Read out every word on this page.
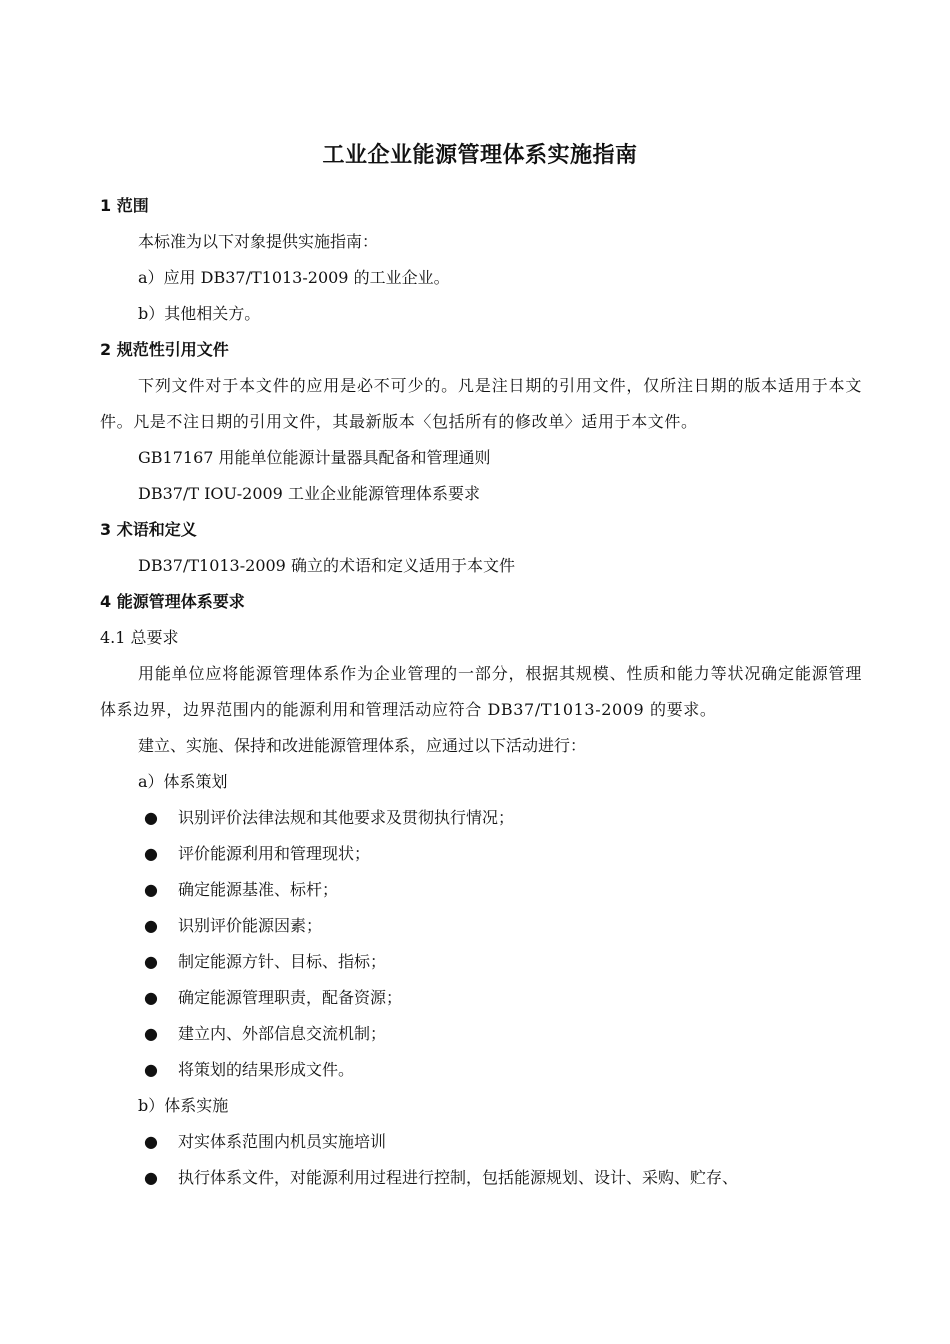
工业企业能源管理体系实施指南
1 范围
本标准为以下对象提供实施指南：
a）应用 DB37/T1013-2009 的工业企业。
b）其他相关方。
2 规范性引用文件
下列文件对于本文件的应用是必不可少的。凡是注日期的引用文件，仅所注日期的版本适用于本文件。凡是不注日期的引用文件，其最新版本〈包括所有的修改单〉适用于本文件。
GB17167 用能单位能源计量器具配备和管理通则
DB37/T IOU-2009 工业企业能源管理体系要求
3 术语和定义
DB37/T1013-2009 确立的术语和定义适用于本文件
4 能源管理体系要求
4.1 总要求
用能单位应将能源管理体系作为企业管理的一部分，根据其规模、性质和能力等状况确定能源管理体系边界，边界范围内的能源利用和管理活动应符合 DB37/T1013-2009 的要求。
建立、实施、保持和改进能源管理体系，应通过以下活动进行：
a）体系策划
● 识别评价法律法规和其他要求及贯彻执行情况；
● 评价能源利用和管理现状；
● 确定能源基准、标杆；
● 识别评价能源因素；
● 制定能源方针、目标、指标；
● 确定能源管理职责，配备资源；
● 建立内、外部信息交流机制；
● 将策划的结果形成文件。
b）体系实施
● 对实体系范围内机员实施培训
● 执行体系文件，对能源利用过程进行控制，包括能源规划、设计、采购、贮存、
